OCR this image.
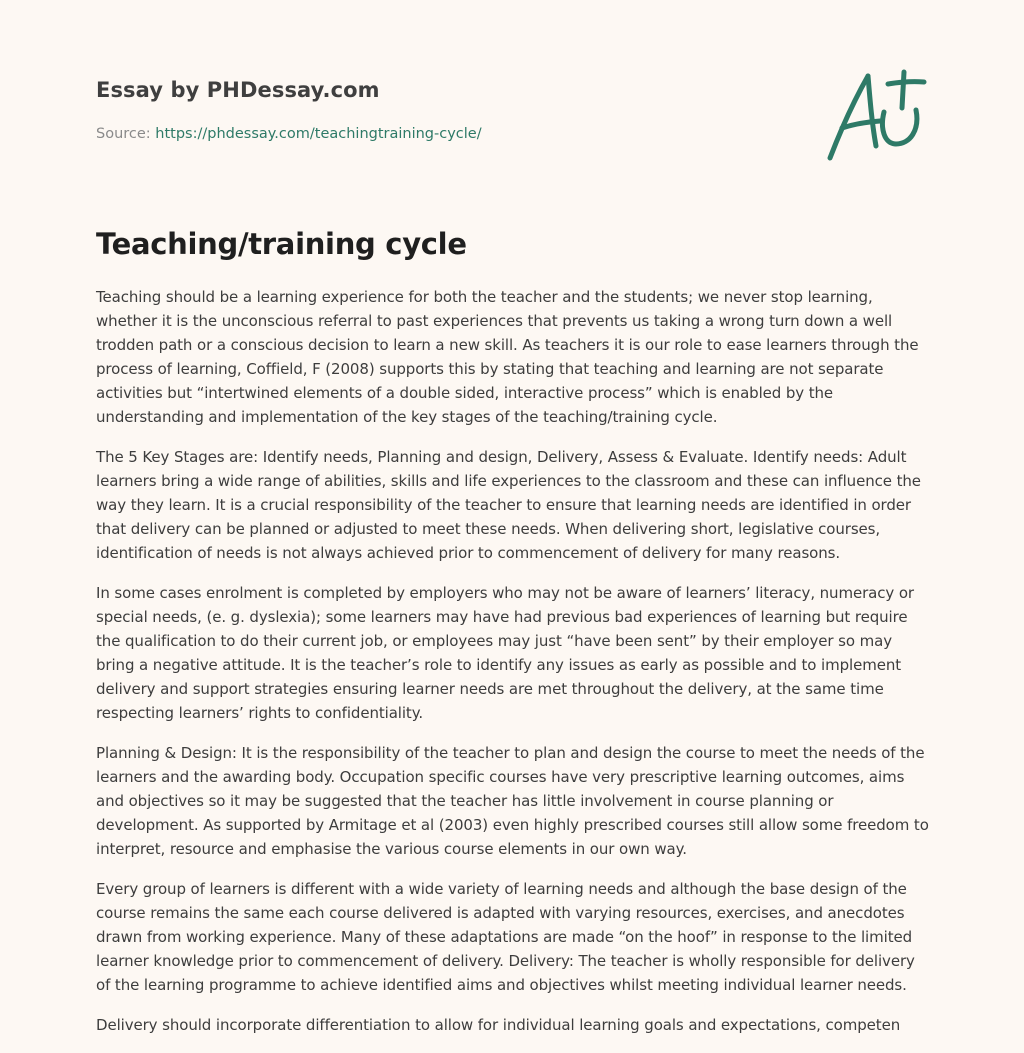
Essay by PHDessay.com
Source: https://phdessay.com/teachingtraining-cycle/
Teaching/training cycle

Teaching should be a learning experience for both the teacher and the students; we never stop learning, whether it is the unconscious referral to past experiences that prevents us taking a wrong turn down a well trodden path or a conscious decision to learn a new skill. As teachers it is our role to ease learners through the process of learning, Coffield, F (2008) supports this by stating that teaching and learning are not separate activities but “intertwined elements of a double sided, interactive process” which is enabled by the understanding and implementation of the key stages of the teaching/training cycle.

The 5 Key Stages are: Identify needs, Planning and design, Delivery, Assess & Evaluate. Identify needs: Adult learners bring a wide range of abilities, skills and life experiences to the classroom and these can influence the way they learn. It is a crucial responsibility of the teacher to ensure that learning needs are identified in order that delivery can be planned or adjusted to meet these needs. When delivering short, legislative courses, identification of needs is not always achieved prior to commencement of delivery for many reasons.

In some cases enrolment is completed by employers who may not be aware of learners’ literacy, numeracy or special needs, (e. g. dyslexia); some learners may have had previous bad experiences of learning but require the qualification to do their current job, or employees may just “have been sent” by their employer so may bring a negative attitude. It is the teacher’s role to identify any issues as early as possible and to implement delivery and support strategies ensuring learner needs are met throughout the delivery, at the same time respecting learners’ rights to confidentiality.

Planning & Design: It is the responsibility of the teacher to plan and design the course to meet the needs of the learners and the awarding body. Occupation specific courses have very prescriptive learning outcomes, aims and objectives so it may be suggested that the teacher has little involvement in course planning or development. As supported by Armitage et al (2003) even highly prescribed courses still allow some freedom to interpret, resource and emphasise the various course elements in our own way.

Every group of learners is different with a wide variety of learning needs and although the base design of the course remains the same each course delivered is adapted with varying resources, exercises, and anecdotes drawn from working experience. Many of these adaptations are made “on the hoof” in response to the limited learner knowledge prior to commencement of delivery. Delivery: The teacher is wholly responsible for delivery of the learning programme to achieve identified aims and objectives whilst meeting individual learner needs.

Delivery should incorporate differentiation to allow for individual learning goals and expectations, competen
